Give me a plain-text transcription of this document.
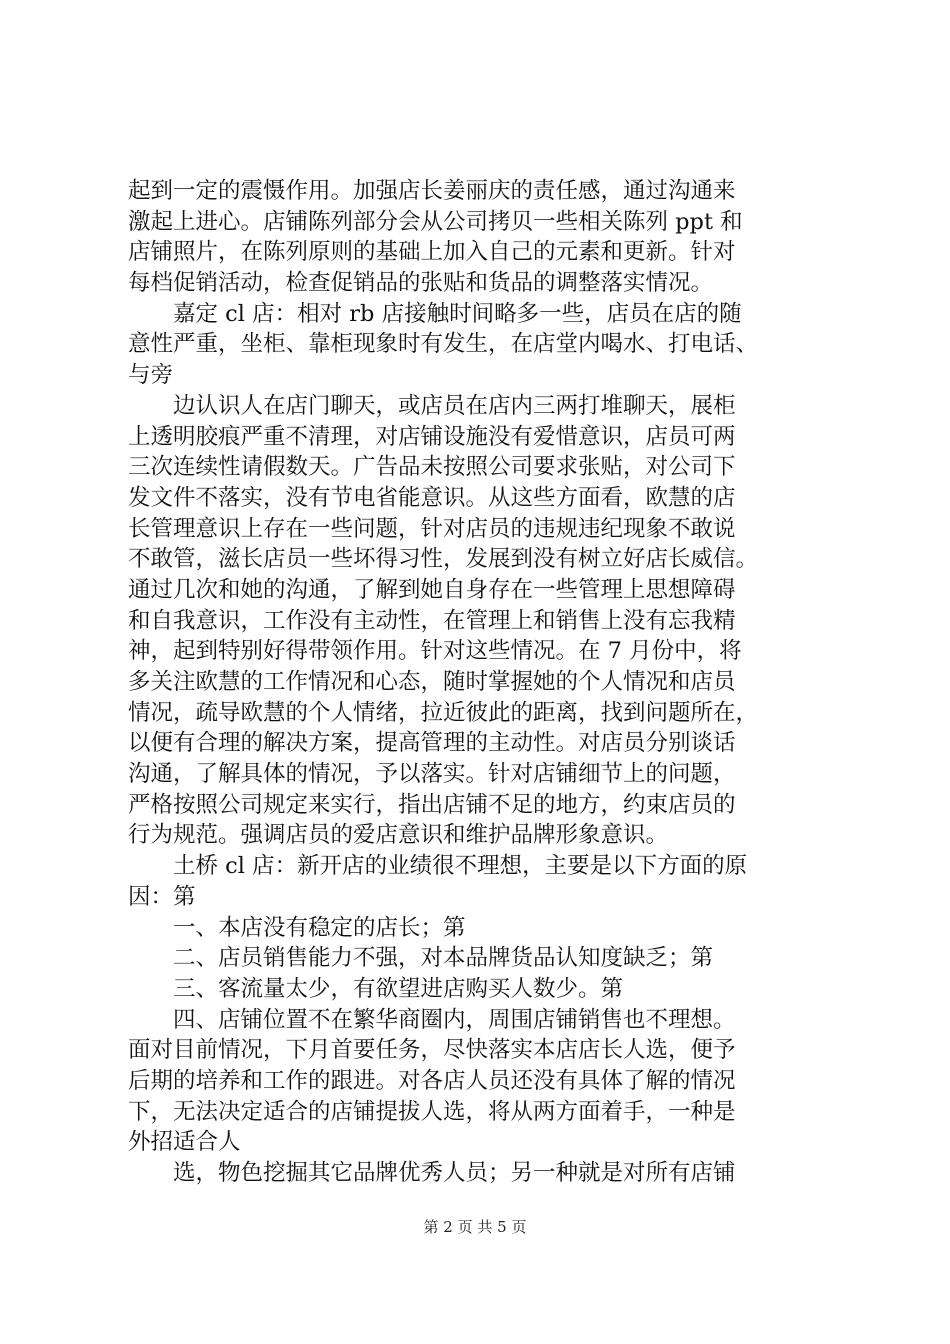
起到一定的震慑作用。加强店长姜丽庆的责任感，通过沟通来
激起上进心。店铺陈列部分会从公司拷贝一些相关陈列 ppt 和
店铺照片，在陈列原则的基础上加入自己的元素和更新。针对
每档促销活动，检查促销品的张贴和货品的调整落实情况。
嘉定 cl 店：相对 rb 店接触时间略多一些，店员在店的随
意性严重，坐柜、靠柜现象时有发生，在店堂内喝水、打电话、
与旁
边认识人在店门聊天，或店员在店内三两打堆聊天，展柜
上透明胶痕严重不清理，对店铺设施没有爱惜意识，店员可两
三次连续性请假数天。广告品未按照公司要求张贴，对公司下
发文件不落实，没有节电省能意识。从这些方面看，欧慧的店
长管理意识上存在一些问题，针对店员的违规违纪现象不敢说
不敢管，滋长店员一些坏得习性，发展到没有树立好店长威信。
通过几次和她的沟通，了解到她自身存在一些管理上思想障碍
和自我意识，工作没有主动性，在管理上和销售上没有忘我精
神，起到特别好得带领作用。针对这些情况。在 7 月份中，将
多关注欧慧的工作情况和心态，随时掌握她的个人情况和店员
情况，疏导欧慧的个人情绪，拉近彼此的距离，找到问题所在，
以便有合理的解决方案，提高管理的主动性。对店员分别谈话
沟通，了解具体的情况，予以落实。针对店铺细节上的问题，
严格按照公司规定来实行，指出店铺不足的地方，约束店员的
行为规范。强调店员的爱店意识和维护品牌形象意识。
土桥 cl 店：新开店的业绩很不理想，主要是以下方面的原
因：第
一、本店没有稳定的店长；第
二、店员销售能力不强，对本品牌货品认知度缺乏；第
三、客流量太少，有欲望进店购买人数少。第
四、店铺位置不在繁华商圈内，周围店铺销售也不理想。
面对目前情况，下月首要任务，尽快落实本店店长人选，便予
后期的培养和工作的跟进。对各店人员还没有具体了解的情况
下，无法决定适合的店铺提拔人选，将从两方面着手，一种是
外招适合人
选，物色挖掘其它品牌优秀人员；另一种就是对所有店铺
第 2 页 共 5 页
